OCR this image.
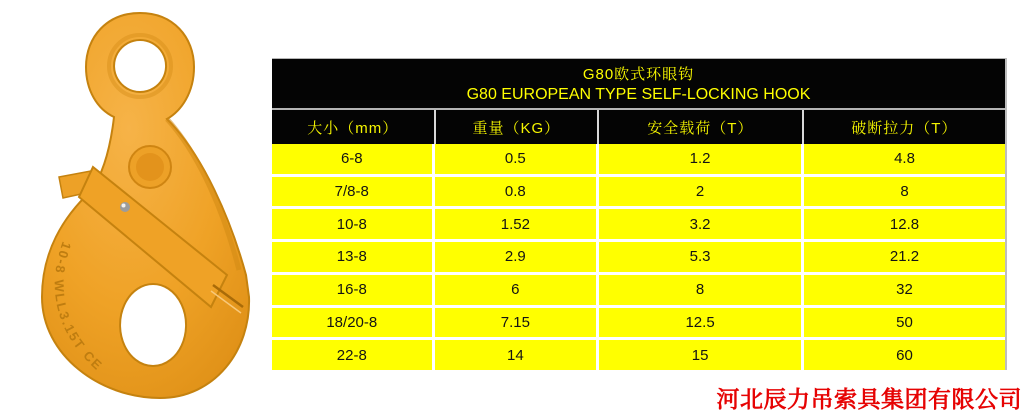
10-8 WLL3.15T CE
G80欧式环眼钩
G80 EUROPEAN TYPE SELF-LOCKING HOOK
大小（mm）	重量（KG）	安全载荷（T）	破断拉力（T）
6-8	0.5	1.2	4.8
7/8-8	0.8	2	8
10-8	1.52	3.2	12.8
13-8	2.9	5.3	21.2
16-8	6	8	32
18/20-8	7.15	12.5	50
22-8	14	15	60
河北辰力吊索具集团有限公司
